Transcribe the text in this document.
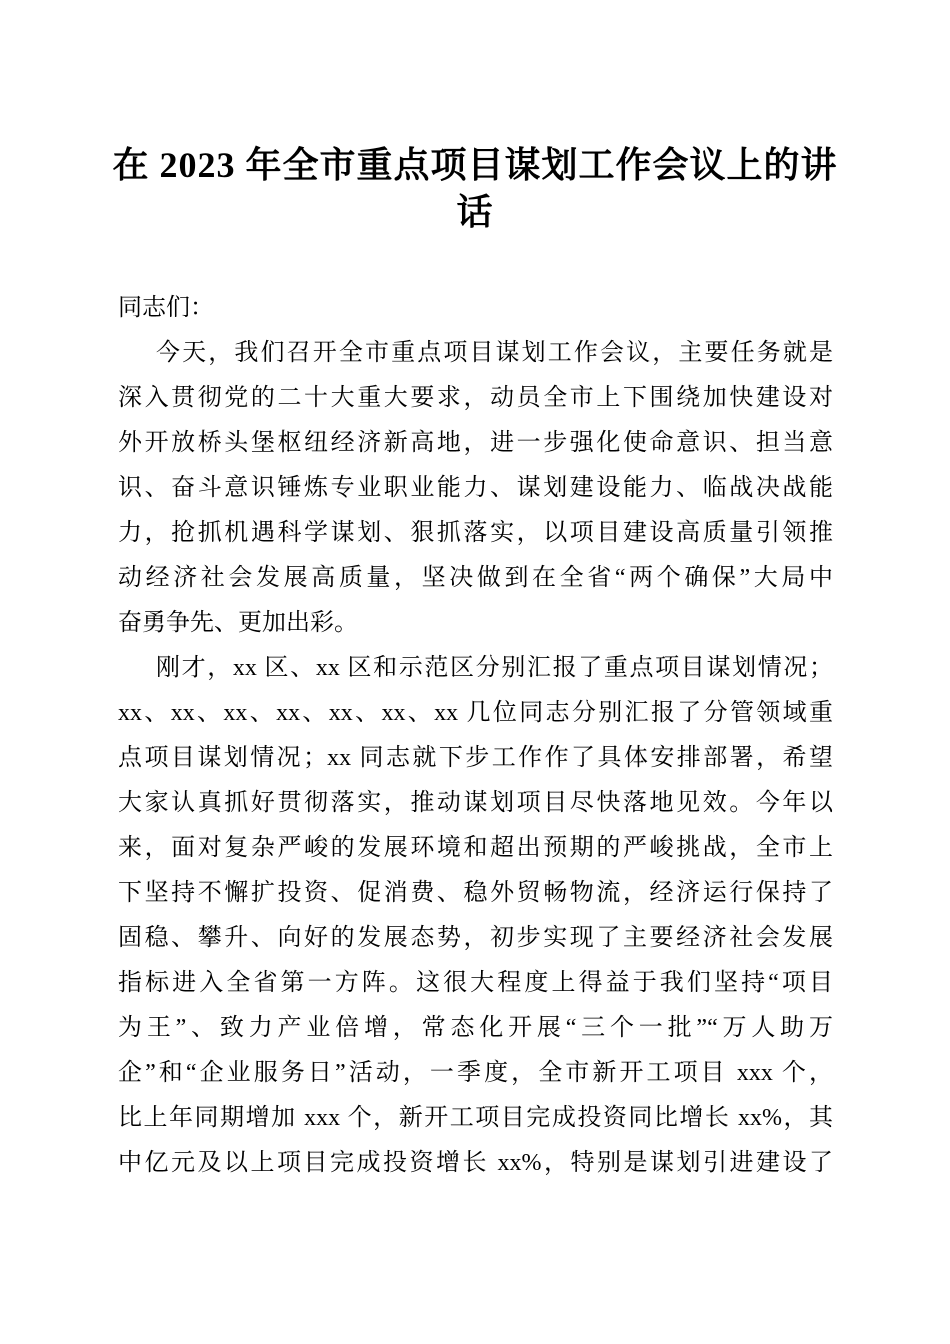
在 2023 年全市重点项目谋划工作会议上的讲
话
同志们：
今天，我们召开全市重点项目谋划工作会议，主要任务就是
深入贯彻党的二十大重大要求，动员全市上下围绕加快建设对
外开放桥头堡枢纽经济新高地，进一步强化使命意识、担当意
识、奋斗意识锤炼专业职业能力、谋划建设能力、临战决战能
力，抢抓机遇科学谋划、狠抓落实，以项目建设高质量引领推
动经济社会发展高质量，坚决做到在全省“两个确保”大局中
奋勇争先、更加出彩。
刚才，xx 区、xx 区和示范区分别汇报了重点项目谋划情况；
xx、xx、xx、xx、xx、xx、xx 几位同志分别汇报了分管领域重
点项目谋划情况；xx 同志就下步工作作了具体安排部署，希望
大家认真抓好贯彻落实，推动谋划项目尽快落地见效。今年以
来，面对复杂严峻的发展环境和超出预期的严峻挑战，全市上
下坚持不懈扩投资、促消费、稳外贸畅物流，经济运行保持了
固稳、攀升、向好的发展态势，初步实现了主要经济社会发展
指标进入全省第一方阵。这很大程度上得益于我们坚持“项目
为王”、致力产业倍增，常态化开展“三个一批”“万人助万
企”和“企业服务日”活动，一季度，全市新开工项目 xxx 个，
比上年同期增加 xxx 个，新开工项目完成投资同比增长 xx%，其
中亿元及以上项目完成投资增长 xx%，特别是谋划引进建设了
